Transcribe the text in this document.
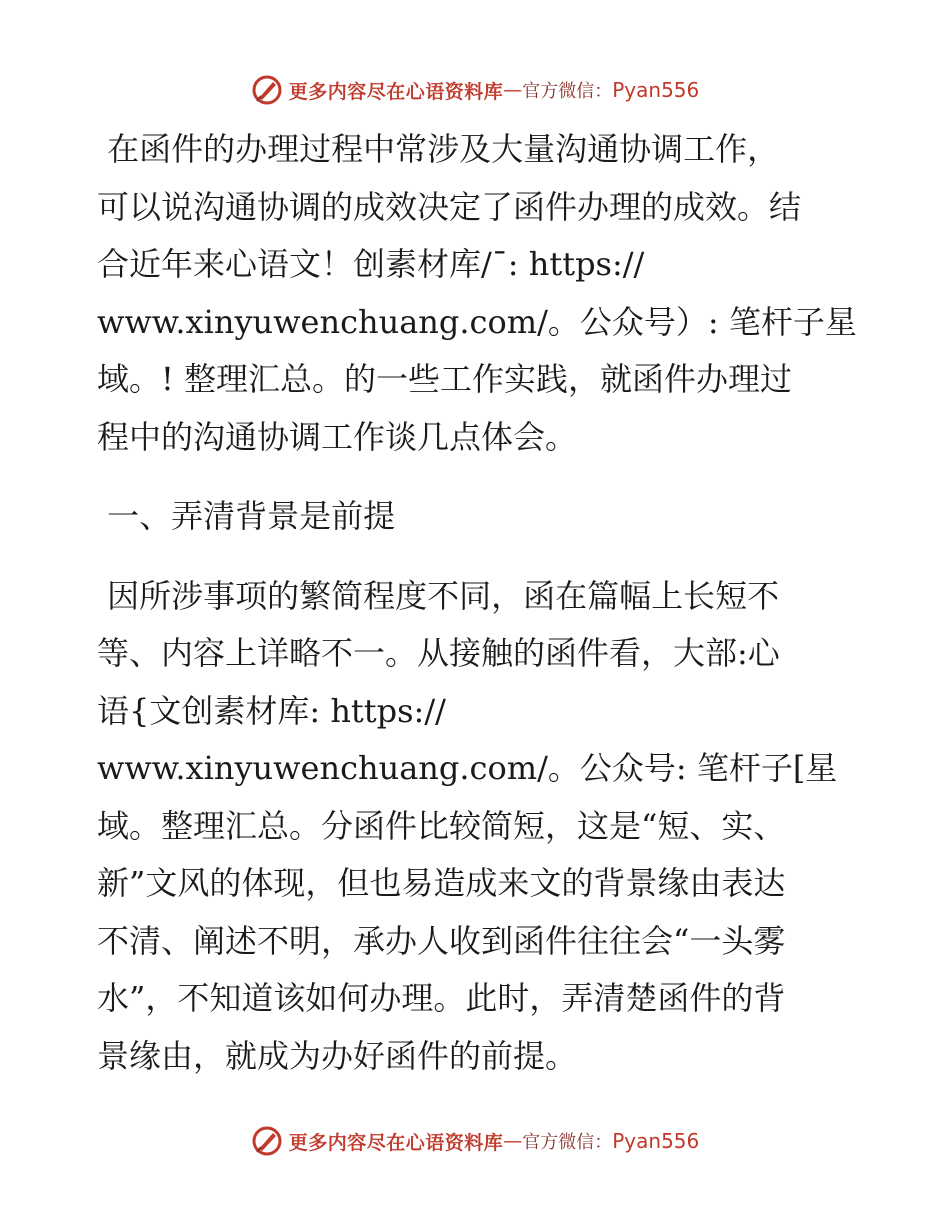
更多内容尽在心语资料库 — 官方微信： Pyan556

在函件的办理过程中常涉及大量沟通协调工作，
可以说沟通协调的成效决定了函件办理的成效。结
合近年来心语文！创素材库/¯: https://
www.xinyuwenchuang.com/。公众号）: 笔杆子星
域。! 整理汇总。的一些工作实践，就函件办理过
程中的沟通协调工作谈几点体会。

一、弄清背景是前提

因所涉事项的繁简程度不同，函在篇幅上长短不
等、内容上详略不一。从接触的函件看，大部:心
语{文创素材库: https://
www.xinyuwenchuang.com/。公众号: 笔杆子[星
域。整理汇总。分函件比较简短，这是“短、实、
新”文风的体现，但也易造成来文的背景缘由表达
不清、阐述不明，承办人收到函件往往会“一头雾
水”，不知道该如何办理。此时，弄清楚函件的背
景缘由，就成为办好函件的前提。

更多内容尽在心语资料库 — 官方微信： Pyan556
